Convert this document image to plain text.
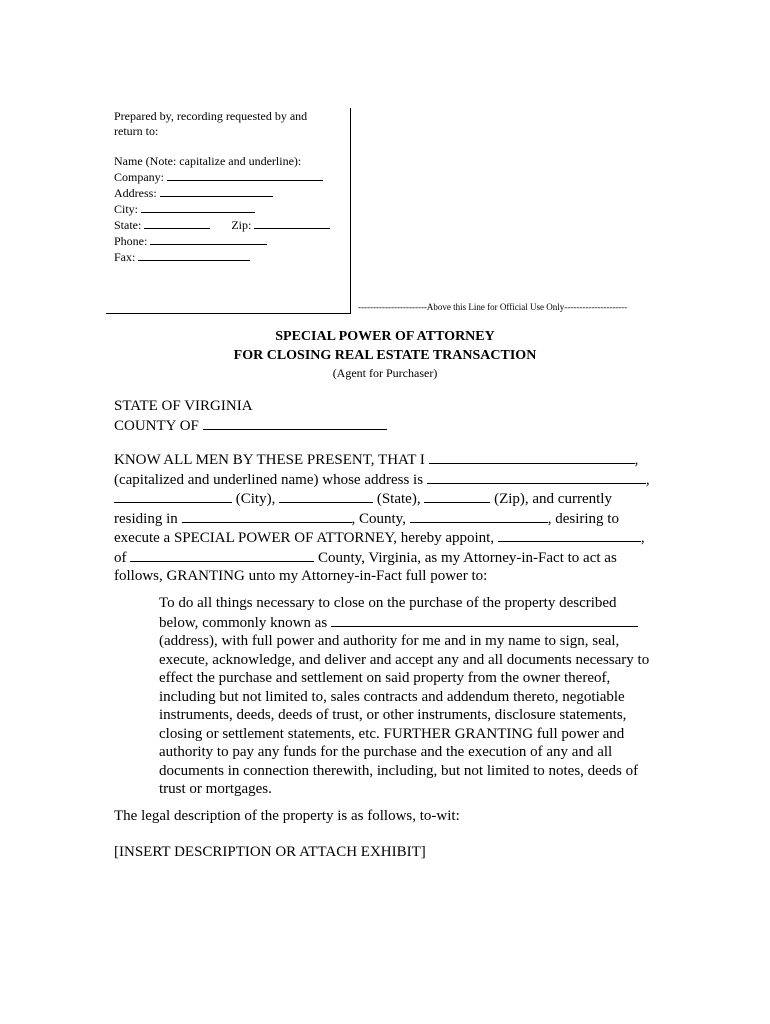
Prepared by, recording requested by and
return to:
Name (Note: capitalize and underline):
Company:
Address:
City:
State:	Zip:
Phone:
Fax:
-----------------------Above this Line for Official Use Only---------------------
SPECIAL POWER OF ATTORNEY
FOR CLOSING REAL ESTATE TRANSACTION
(Agent for Purchaser)
STATE OF VIRGINIA
COUNTY OF
KNOW ALL MEN BY THESE PRESENT, THAT I	,
(capitalized and underlined name) whose address is	,
(City),	(State),	(Zip), and currently
residing in	, County,	, desiring to
execute a SPECIAL POWER OF ATTORNEY, hereby appoint,	,
of	County, Virginia, as my Attorney-in-Fact to act as
follows, GRANTING unto my Attorney-in-Fact full power to:
To do all things necessary to close on the purchase of the property described
below, commonly known as
(address), with full power and authority for me and in my name to sign, seal,
execute, acknowledge, and deliver and accept any and all documents necessary to
effect the purchase and settlement on said property from the owner thereof,
including but not limited to, sales contracts and addendum thereto, negotiable
instruments, deeds, deeds of trust, or other instruments, disclosure statements,
closing or settlement statements, etc. FURTHER GRANTING full power and
authority to pay any funds for the purchase and the execution of any and all
documents in connection therewith, including, but not limited to notes, deeds of
trust or mortgages.
The legal description of the property is as follows, to-wit:
[INSERT DESCRIPTION OR ATTACH EXHIBIT]
